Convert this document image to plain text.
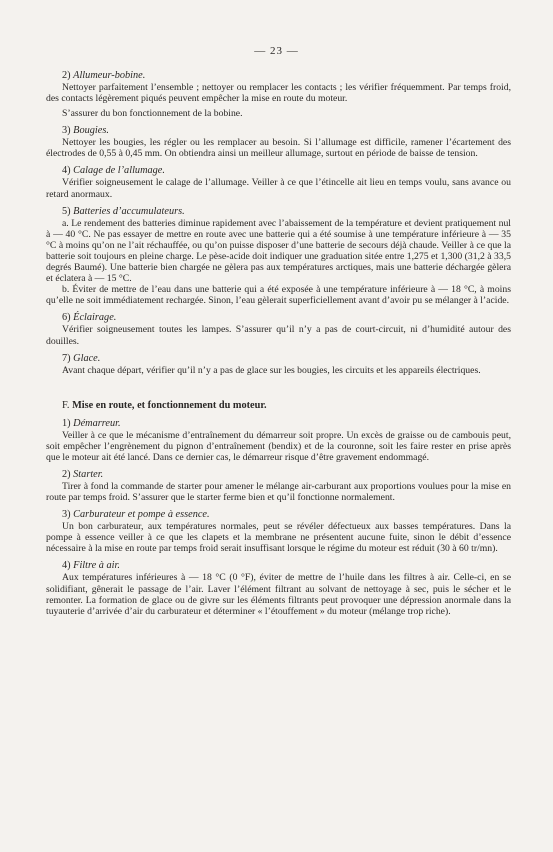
— 23 —

2) Allumeur-bobine.

Nettoyer parfaitement l’ensemble ; nettoyer ou remplacer les contacts ; les vérifier fréquemment. Par temps froid, des contacts légèrement piqués peuvent empêcher la mise en route du moteur.

S’assurer du bon fonctionnement de la bobine.

3) Bougies.

Nettoyer les bougies, les régler ou les remplacer au besoin. Si l’allumage est difficile, ramener l’écartement des électrodes de 0,55 à 0,45 mm. On obtiendra ainsi un meilleur allumage, surtout en période de baisse de tension.

4) Calage de l’allumage.

Vérifier soigneusement le calage de l’allumage. Veiller à ce que l’étincelle ait lieu en temps voulu, sans avance ou retard anormaux.

5) Batteries d’accumulateurs.

a. Le rendement des batteries diminue rapidement avec l’abaissement de la température et devient pratiquement nul à — 40 °C. Ne pas essayer de mettre en route avec une batterie qui a été soumise à une température inférieure à — 35 °C à moins qu’on ne l’ait réchauffée, ou qu’on puisse disposer d’une batterie de secours déjà chaude. Veiller à ce que la batterie soit toujours en pleine charge. Le pèse-acide doit indiquer une graduation sitée entre 1,275 et 1,300 (31,2 à 33,5 degrés Baumé). Une batterie bien chargée ne gèlera pas aux températures arctiques, mais une batterie déchargée gèlera et éclatera à — 15 °C.

b. Éviter de mettre de l’eau dans une batterie qui a été exposée à une température inférieure à — 18 °C, à moins qu’elle ne soit immédiatement rechargée. Sinon, l’eau gèlerait superficiellement avant d’avoir pu se mélanger à l’acide.

6) Éclairage.

Vérifier soigneusement toutes les lampes. S’assurer qu’il n’y a pas de court-circuit, ni d’humidité autour des douilles.

7) Glace.

Avant chaque départ, vérifier qu’il n’y a pas de glace sur les bougies, les circuits et les appareils électriques.

F. Mise en route, et fonctionnement du moteur.

1) Démarreur.

Veiller à ce que le mécanisme d’entraînement du démarreur soit propre. Un excès de graisse ou de cambouis peut, soit empêcher l’engrènement du pignon d’entraînement (bendix) et de la couronne, soit les faire rester en prise après que le moteur ait été lancé. Dans ce dernier cas, le démarreur risque d’être gravement endommagé.

2) Starter.

Tirer à fond la commande de starter pour amener le mélange air-carburant aux proportions voulues pour la mise en route par temps froid. S’assurer que le starter ferme bien et qu’il fonctionne normalement.

3) Carburateur et pompe à essence.

Un bon carburateur, aux températures normales, peut se révéler défectueux aux basses températures. Dans la pompe à essence veiller à ce que les clapets et la membrane ne présentent aucune fuite, sinon le débit d’essence nécessaire à la mise en route par temps froid serait insuffisant lorsque le régime du moteur est réduit (30 à 60 tr/mn).

4) Filtre à air.

Aux températures inférieures à — 18 °C (0 °F), éviter de mettre de l’huile dans les filtres à air. Celle-ci, en se solidifiant, gênerait le passage de l’air. Laver l’élément filtrant au solvant de nettoyage à sec, puis le sécher et le remonter. La formation de glace ou de givre sur les éléments filtrants peut provoquer une dépression anormale dans la tuyauterie d’arrivée d’air du carburateur et déterminer « l’étouffement » du moteur (mélange trop riche).
